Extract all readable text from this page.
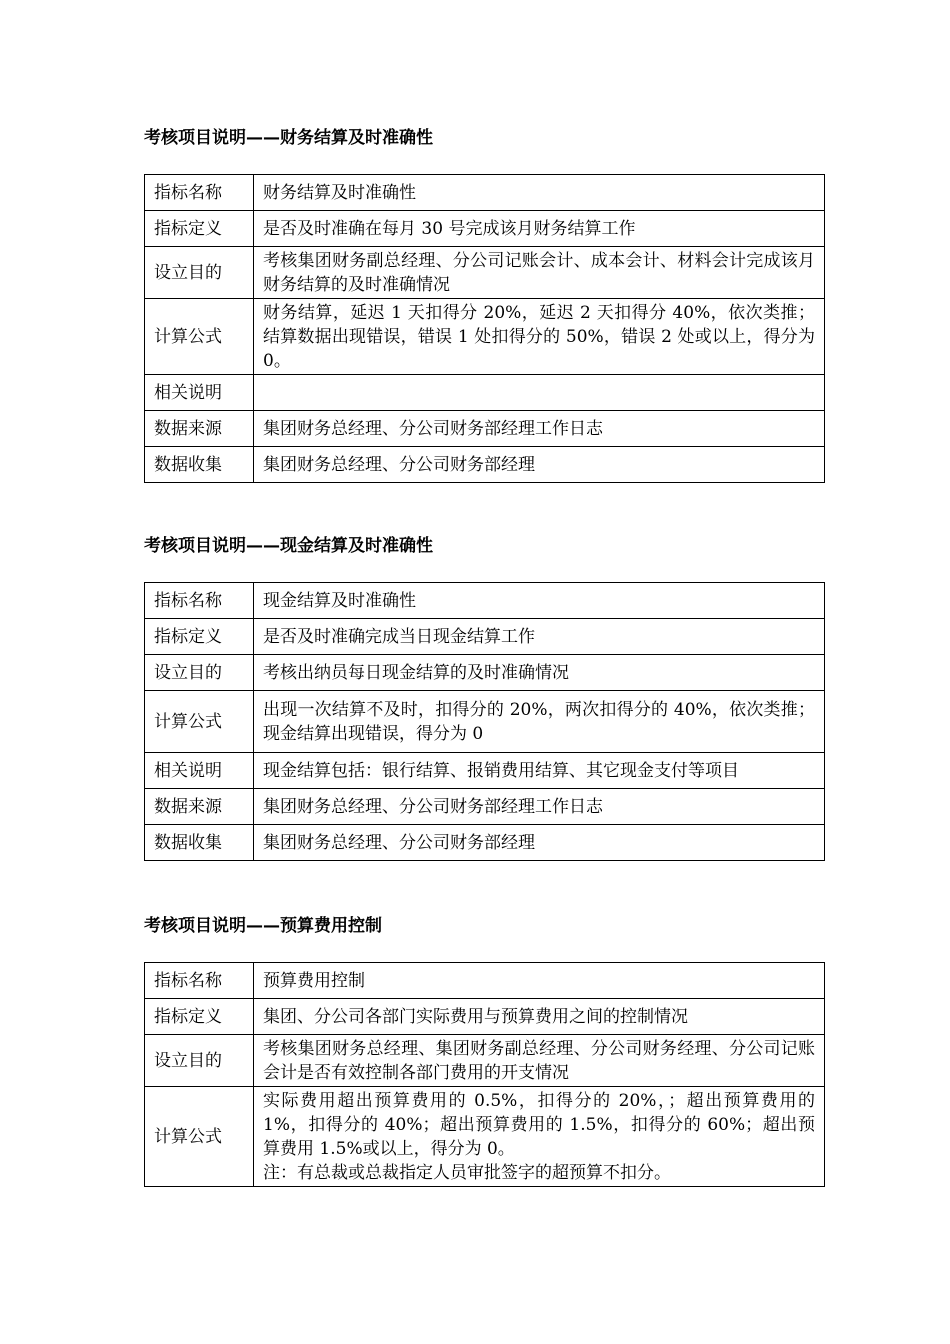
考核项目说明——财务结算及时准确性
指标名称	财务结算及时准确性

指标定义	是否及时准确在每月 30 号完成该月财务结算工作

设立目的	考核集团财务副总经理、分公司记账会计、成本会计、材料会计完成该月财务结算的及时准确情况

计算公式	财务结算，延迟 1 天扣得分 20%，延迟 2 天扣得分 40%，依次类推；结算数据出现错误，错误 1 处扣得分的 50%，错误 2 处或以上，得分为 0。

相关说明	

数据来源	集团财务总经理、分公司财务部经理工作日志

数据收集	集团财务总经理、分公司财务部经理
考核项目说明——现金结算及时准确性
指标名称	现金结算及时准确性

指标定义	是否及时准确完成当日现金结算工作

设立目的	考核出纳员每日现金结算的及时准确情况

计算公式	出现一次结算不及时，扣得分的 20%，两次扣得分的 40%，依次类推；现金结算出现错误，得分为 0

相关说明	现金结算包括：银行结算、报销费用结算、其它现金支付等项目

数据来源	集团财务总经理、分公司财务部经理工作日志

数据收集	集团财务总经理、分公司财务部经理
考核项目说明——预算费用控制
指标名称	预算费用控制

指标定义	集团、分公司各部门实际费用与预算费用之间的控制情况

设立目的	考核集团财务总经理、集团财务副总经理、分公司财务经理、分公司记账会计是否有效控制各部门费用的开支情况

计算公式	实际费用超出预算费用的 0.5%，扣得分的 20%，；超出预算费用的 1%，扣得分的 40%；超出预算费用的 1.5%，扣得分的 60%；超出预算费用 1.5%或以上，得分为 0。
注：有总裁或总裁指定人员审批签字的超预算不扣分。
